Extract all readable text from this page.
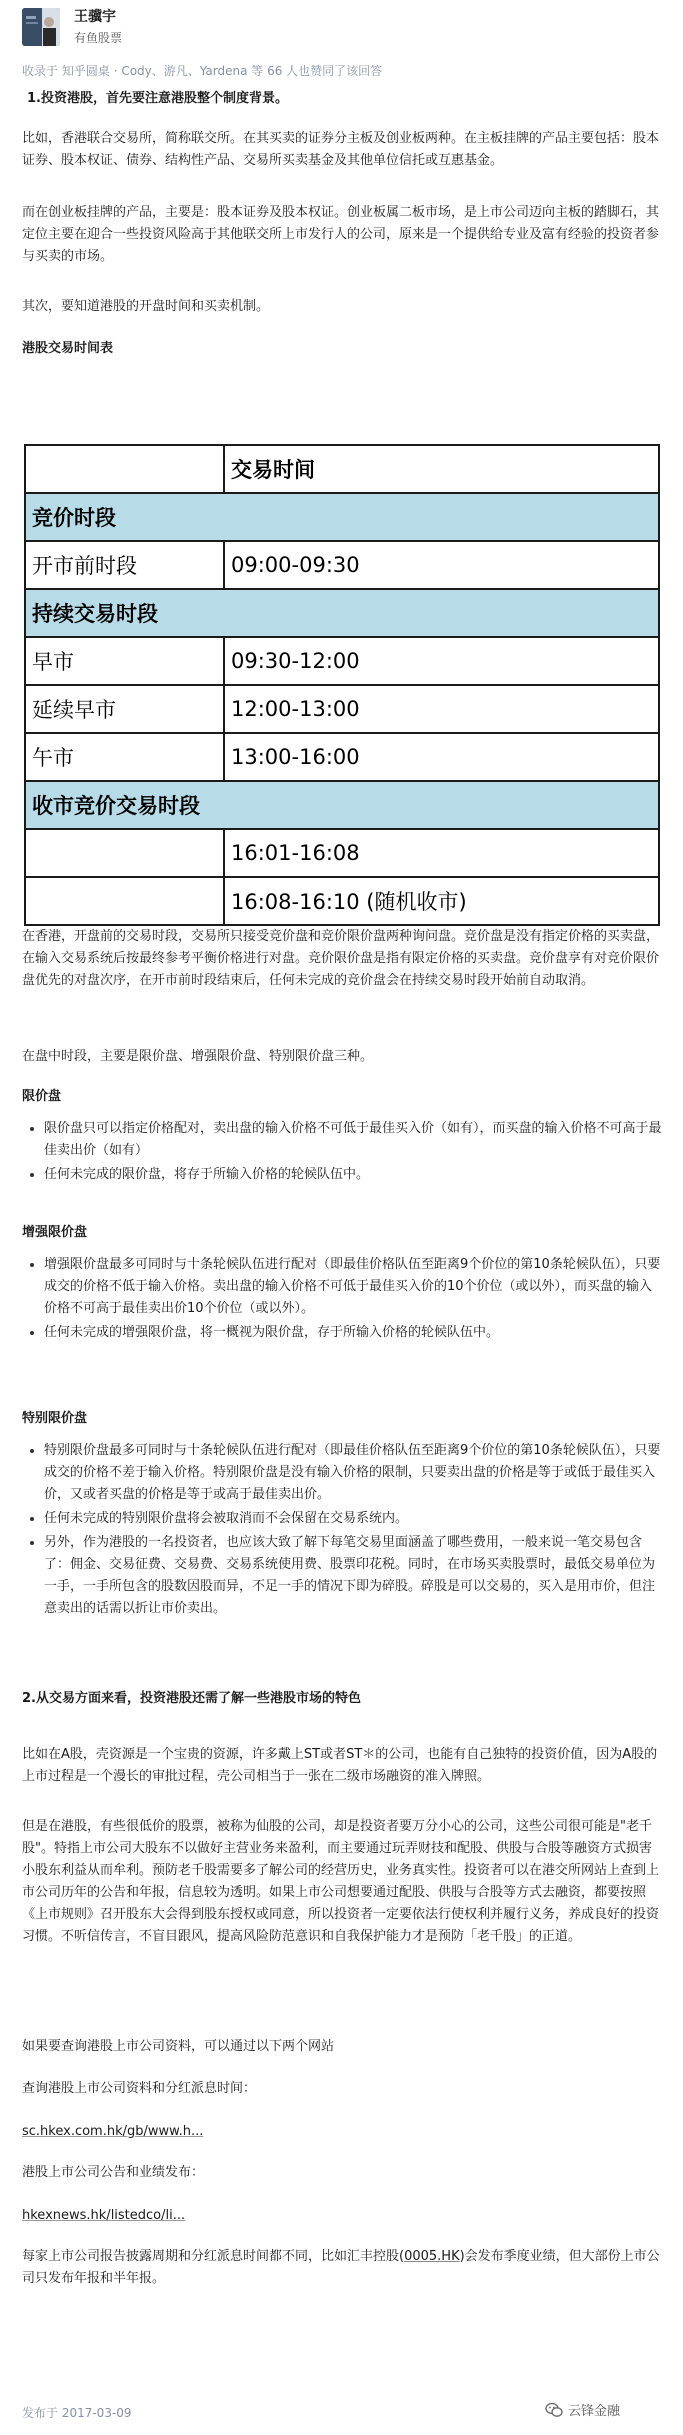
王骥宇
有鱼股票
收录于 知乎圆桌 · Cody、游凡、Yardena 等 66 人也赞同了该回答

1.投资港股，首先要注意港股整个制度背景。

比如，香港联合交易所，简称联交所。在其买卖的证券分主板及创业板两种。在主板挂牌的产品主要包括：股本证券、股本权证、债券、结构性产品、交易所买卖基金及其他单位信托或互惠基金。

而在创业板挂牌的产品，主要是：股本证券及股本权证。创业板属二板市场，是上市公司迈向主板的踏脚石，其定位主要在迎合一些投资风险高于其他联交所上市发行人的公司，原来是一个提供给专业及富有经验的投资者参与买卖的市场。

其次，要知道港股的开盘时间和买卖机制。

港股交易时间表

	交易时间
竞价时段	
开市前时段	09:00-09:30
持续交易时段	
早市	09:30-12:00
延续早市	12:00-13:00
午市	13:00-16:00
收市竞价交易时段	
	16:01-16:08
	16:08-16:10 (随机收市)

在香港，开盘前的交易时段，交易所只接受竞价盘和竞价限价盘两种询问盘。竞价盘是没有指定价格的买卖盘，在输入交易系统后按最终参考平衡价格进行对盘。竞价限价盘是指有限定价格的买卖盘。竞价盘享有对竞价限价盘优先的对盘次序，在开市前时段结束后，任何未完成的竞价盘会在持续交易时段开始前自动取消。

在盘中时段，主要是限价盘、增强限价盘、特别限价盘三种。

限价盘

• 限价盘只可以指定价格配对，卖出盘的输入价格不可低于最佳买入价（如有），而买盘的输入价格不可高于最佳卖出价（如有）
• 任何未完成的限价盘，将存于所输入价格的轮候队伍中。

增强限价盘

• 增强限价盘最多可同时与十条轮候队伍进行配对（即最佳价格队伍至距离9个价位的第10条轮候队伍），只要成交的价格不低于输入价格。卖出盘的输入价格不可低于最佳买入价的10个价位（或以外），而买盘的输入价格不可高于最佳卖出价10个价位（或以外）。
• 任何未完成的增强限价盘，将一概视为限价盘，存于所输入价格的轮候队伍中。

特别限价盘

• 特别限价盘最多可同时与十条轮候队伍进行配对（即最佳价格队伍至距离9个价位的第10条轮候队伍），只要成交的价格不差于输入价格。特别限价盘是没有输入价格的限制，只要卖出盘的价格是等于或低于最佳买入价，又或者买盘的价格是等于或高于最佳卖出价。
• 任何未完成的特别限价盘将会被取消而不会保留在交易系统内。
• 另外，作为港股的一名投资者，也应该大致了解下每笔交易里面涵盖了哪些费用，一般来说一笔交易包含了：佣金、交易征费、交易费、交易系统使用费、股票印花税。同时，在市场买卖股票时，最低交易单位为一手，一手所包含的股数因股而异，不足一手的情况下即为碎股。碎股是可以交易的，买入是用市价，但注意卖出的话需以折让市价卖出。

2.从交易方面来看，投资港股还需了解一些港股市场的特色

比如在A股，壳资源是一个宝贵的资源，许多戴上ST或者ST＊的公司，也能有自己独特的投资价值，因为A股的上市过程是一个漫长的审批过程，壳公司相当于一张在二级市场融资的准入牌照。

但是在港股，有些很低价的股票，被称为仙股的公司，却是投资者要万分小心的公司，这些公司很可能是"老千股"。特指上市公司大股东不以做好主营业务来盈利，而主要通过玩弄财技和配股、供股与合股等融资方式损害小股东利益从而牟利。预防老千股需要多了解公司的经营历史，业务真实性。投资者可以在港交所网站上查到上市公司历年的公告和年报，信息较为透明。如果上市公司想要通过配股、供股与合股等方式去融资，都要按照《上市规则》召开股东大会得到股东授权或同意，所以投资者一定要依法行使权利并履行义务，养成良好的投资习惯。不听信传言，不盲目跟风，提高风险防范意识和自我保护能力才是预防「老千股」的正道。

如果要查询港股上市公司资料，可以通过以下两个网站

查询港股上市公司资料和分红派息时间：

sc.hkex.com.hk/gb/www.h...

港股上市公司公告和业绩发布：

hkexnews.hk/listedco/li...

每家上市公司报告披露周期和分红派息时间都不同，比如汇丰控股(0005.HK)会发布季度业绩，但大部份上市公司只发布年报和半年报。

发布于 2017-03-09	云锋金融
